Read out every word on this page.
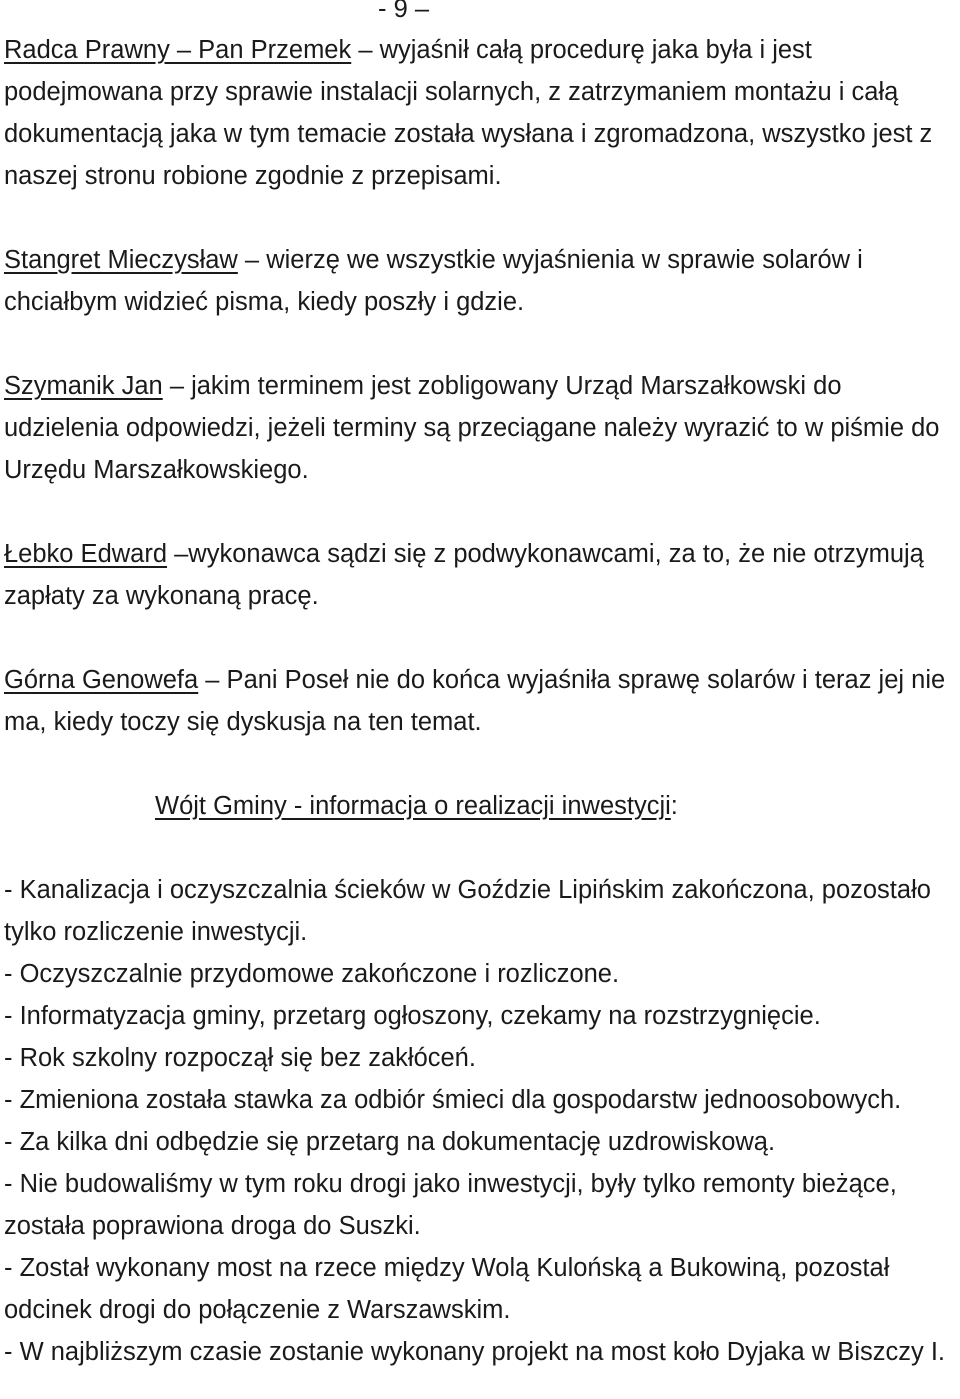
- 9 –

Radca Prawny – Pan Przemek – wyjaśnił całą procedurę jaka była i jest podejmowana przy sprawie instalacji solarnych, z zatrzymaniem montażu i całą dokumentacją jaka w tym temacie została wysłana i zgromadzona, wszystko jest z naszej stronu robione zgodnie z przepisami.

Stangret Mieczysław – wierzę we wszystkie wyjaśnienia w sprawie solarów i chciałbym widzieć pisma, kiedy poszły i gdzie.

Szymanik Jan – jakim terminem jest zobligowany Urząd Marszałkowski do udzielenia odpowiedzi, jeżeli terminy są przeciągane należy wyrazić to w piśmie do Urzędu Marszałkowskiego.

Łebko Edward –wykonawca sądzi się z podwykonawcami, za to, że nie otrzymują zapłaty za wykonaną pracę.

Górna Genowefa – Pani Poseł nie do końca wyjaśniła sprawę solarów i teraz jej nie ma, kiedy toczy się dyskusja na ten temat.

Wójt Gminy - informacja o realizacji inwestycji:

- Kanalizacja i oczyszczalnia ścieków w Goździe Lipińskim zakończona, pozostało tylko rozliczenie inwestycji.
- Oczyszczalnie przydomowe zakończone i rozliczone.
- Informatyzacja gminy, przetarg ogłoszony, czekamy na rozstrzygnięcie.
- Rok szkolny rozpoczął się bez zakłóceń.
- Zmieniona została stawka za odbiór śmieci dla gospodarstw jednoosobowych.
- Za kilka dni odbędzie się przetarg na dokumentację uzdrowiskową.
- Nie budowaliśmy w tym roku drogi jako inwestycji, były tylko remonty bieżące, została poprawiona droga do Suszki.
- Został wykonany most na rzece między Wolą Kulońską a Bukowiną, pozostał odcinek drogi do połączenie z Warszawskim.
- W najbliższym czasie zostanie wykonany projekt na most koło Dyjaka w Biszczy I.
